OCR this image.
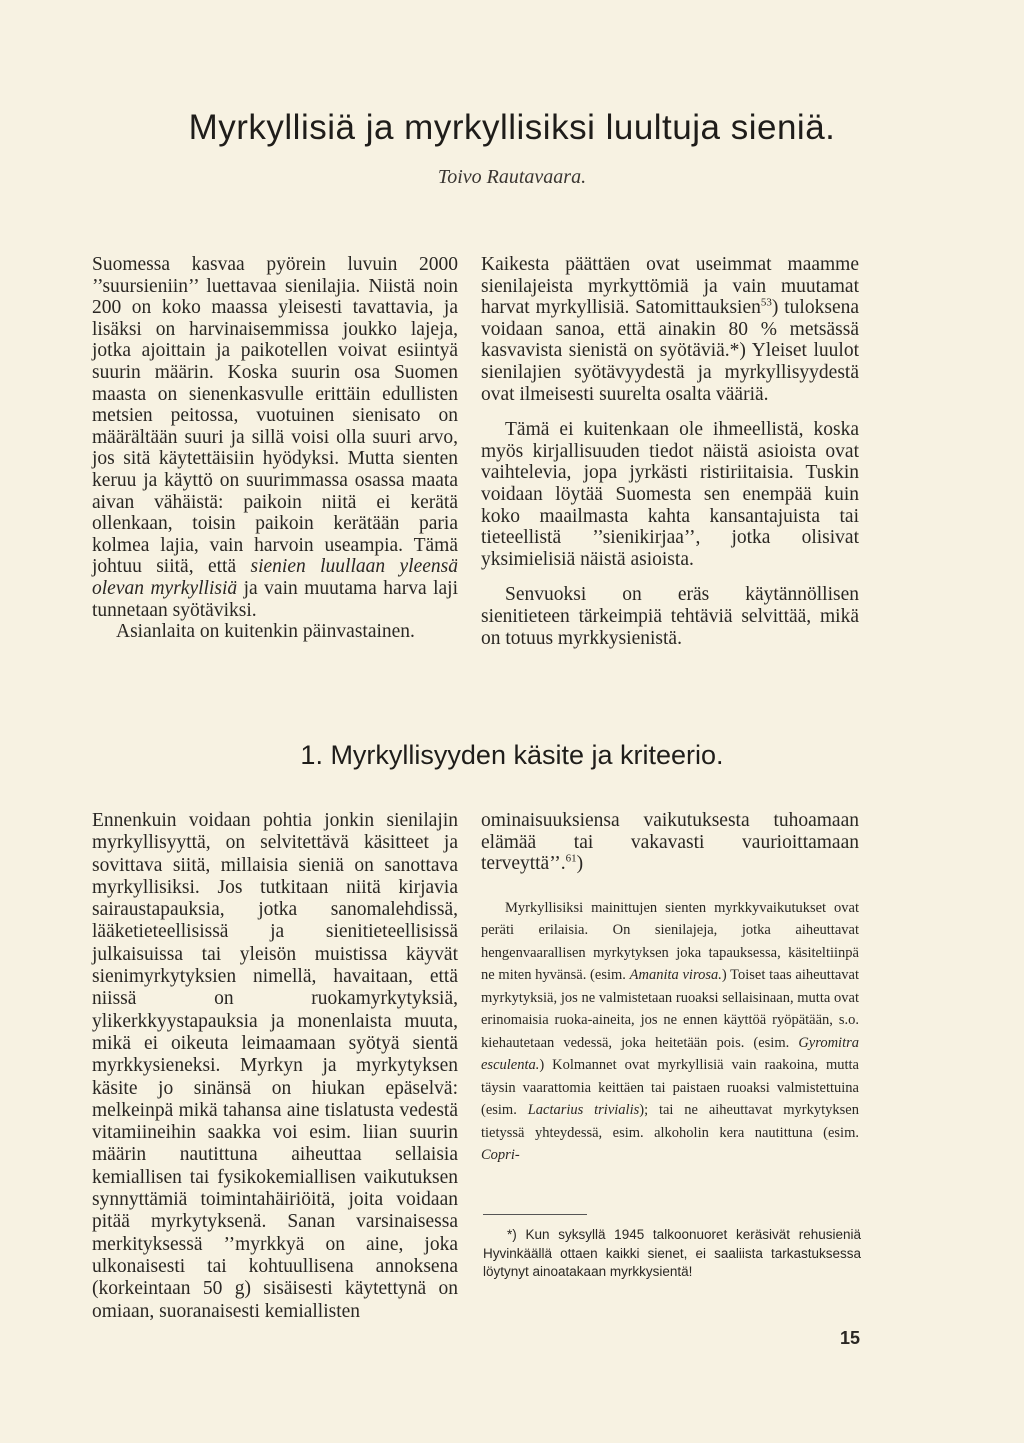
Myrkyllisiä ja myrkyllisiksi luultuja sieniä.
Toivo Rautavaara.

Suomessa kasvaa pyörein luvuin 2000 ’’suursieniin’’ luettavaa sienilajia. Niistä noin 200 on koko maassa yleisesti tavattavia, ja lisäksi on harvinaisemmissa joukko lajeja, jotka ajoittain ja paikotellen voivat esiintyä suurin määrin. Koska suurin osa Suomen maasta on sienenkasvulle erittäin edullisten metsien peitossa, vuotuinen sienisato on määrältään suuri ja sillä voisi olla suuri arvo, jos sitä käytettäisiin hyödyksi. Mutta sienten keruu ja käyttö on suurimmassa osassa maata aivan vähäistä: paikoin niitä ei kerätä ollenkaan, toisin paikoin kerätään paria kolmea lajia, vain harvoin useampia. Tämä johtuu siitä, että sienien luullaan yleensä olevan myrkyllisiä ja vain muutama harva laji tunnetaan syötäviksi.

Asianlaita on kuitenkin päinvastainen.

Kaikesta päättäen ovat useimmat maamme sienilajeista myrkyttömiä ja vain muutamat harvat myrkyllisiä. Satomittauksien$^{53}$) tuloksena voidaan sanoa, että ainakin 80 % metsässä kasvavista sienistä on syötäviä.*) Yleiset luulot sienilajien syötävyydestä ja myrkyllisyydestä ovat ilmeisesti suurelta osalta vääriä.

Tämä ei kuitenkaan ole ihmeellistä, koska myös kirjallisuuden tiedot näistä asioista ovat vaihtelevia, jopa jyrkästi ristiriitaisia. Tuskin voidaan löytää Suomesta sen enempää kuin koko maailmasta kahta kansantajuista tai tieteellistä ’’sienikirjaa’’, jotka olisivat yksimielisiä näistä asioista.

Senvuoksi on eräs käytännöllisen sienitieteen tärkeimpiä tehtäviä selvittää, mikä on totuus myrkkysienistä.

1. Myrkyllisyyden käsite ja kriteerio.

Ennenkuin voidaan pohtia jonkin sienilajin myrkyllisyyttä, on selvitettävä käsitteet ja sovittava siitä, millaisia sieniä on sanottava myrkyllisiksi. Jos tutkitaan niitä kirjavia sairaustapauksia, jotka sanomalehdissä, lääketieteellisissä ja sienitieteellisissä julkaisuissa tai yleisön muistissa käyvät sienimyrkytyksien nimellä, havaitaan, että niissä on ruokamyrkytyksiä, ylikerkkyystapauksia ja monenlaista muuta, mikä ei oikeuta leimaamaan syötyä sientä myrkkysieneksi. Myrkyn ja myrkytyksen käsite jo sinänsä on hiukan epäselvä: melkeinpä mikä tahansa aine tislatusta vedestä vitamiineihin saakka voi esim. liian suurin määrin nautittuna aiheuttaa sellaisia kemiallisen tai fysikokemiallisen vaikutuksen synnyttämiä toimintahäiriöitä, joita voidaan pitää myrkytyksenä. Sanan varsinaisessa merkityksessä ’’myrkkyä on aine, joka ulkonaisesti tai kohtuullisena annoksena (korkeintaan 50 g) sisäisesti käytettynä on omiaan, suoranaisesti kemiallisten

ominaisuuksiensa vaikutuksesta tuhoamaan elämää tai vakavasti vaurioittamaan terveyttä’’.$^{61}$)

Myrkyllisiksi mainittujen sienten myrkkyvaikutukset ovat peräti erilaisia. On sienilajeja, jotka aiheuttavat hengenvaarallisen myrkytyksen joka tapauksessa, käsiteltiinpä ne miten hyvänsä. (esim. Amanita virosa.) Toiset taas aiheuttavat myrkytyksiä, jos ne valmistetaan ruoaksi sellaisinaan, mutta ovat erinomaisia ruoka-aineita, jos ne ennen käyttöä ryöpätään, s.o. kiehautetaan vedessä, joka heitetään pois. (esim. Gyromitra esculenta.) Kolmannet ovat myrkyllisiä vain raakoina, mutta täysin vaarattomia keittäen tai paistaen ruoaksi valmistettuina (esim. Lactarius trivialis); tai ne aiheuttavat myrkytyksen tietyssä yhteydessä, esim. alkoholin kera nautittuna (esim. Copri-

*) Kun syksyllä 1945 talkoonuoret keräsivät rehusieniä Hyvinkäällä ottaen kaikki sienet, ei saaliista tarkastuksessa löytynyt ainoatakaan myrkkysientä!
15
